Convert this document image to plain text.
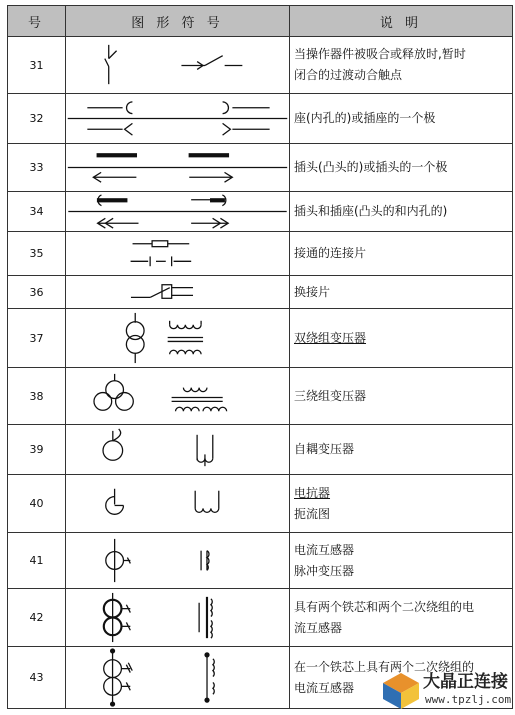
号	图 形 符 号	说 明
31		当操作器件被吸合或释放时,暂时
闭合的过渡动合触点

32		座(内孔的)或插座的一个极

33		插头(凸头的)或插头的一个极

34		插头和插座(凸头的和内孔的)

35		接通的连接片

36		换接片

37		双绕组变压器

38		三绕组变压器

39		自耦变压器

40		电抗器
扼流图

41		电流互感器
脉冲变压器

42		具有两个铁芯和两个二次绕组的电
流互感器

43		在一个铁芯上具有两个二次绕组的
电流互感器	大晶正连接
www.tpzlj.com
